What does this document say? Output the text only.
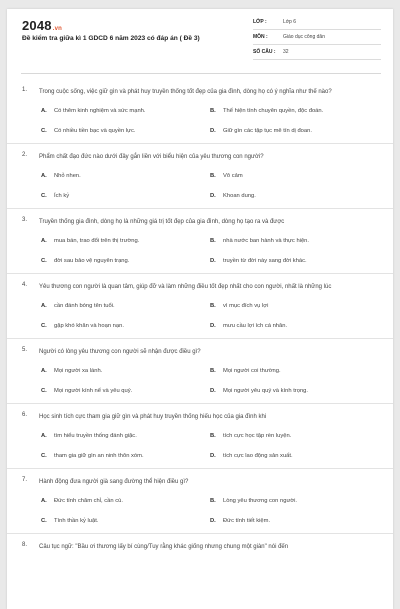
2048.vn
Đề kiểm tra giữa kì 1 GDCD 6 năm 2023 có đáp án ( Đề 3)
LỚP :	Lớp 6
MÔN :	Giáo dục công dân
SỐ CÂU :	32
1. Trong cuộc sống, việc giữ gìn và phát huy truyền thống tốt đẹp của gia đình, dòng họ có ý nghĩa như thế nào?
A.	Có thêm kinh nghiệm và sức mạnh.	B.	Thể hiện tính chuyên quyền, độc đoán.
C.	Có nhiều tiền bạc và quyền lực.	D.	Giữ gìn các tập tục mê tín dị đoan.
2. Phẩm chất đạo đức nào dưới đây gắn liền với biểu hiện của yêu thương con người?
A.	Nhỏ nhen.	B.	Vô cảm
C.	Ích kỷ	D.	Khoan dung.
3. Truyền thống gia đình, dòng họ là những giá trị tốt đẹp của gia đình, dòng họ tạo ra và được
A.	mua bán, trao đổi trên thị trường.	B.	nhà nước ban hành và thực hiện.
C.	đời sau bảo vệ nguyên trạng.	D.	truyền từ đời này sang đời khác.
4. Yêu thương con người là quan tâm, giúp đỡ và làm những điều tốt đẹp nhất cho con người, nhất là những lúc
A.	cần đánh bóng tên tuổi.	B.	vì mục đích vụ lợi
C.	gặp khó khăn và hoạn nạn.	D.	mưu cầu lợi ích cá nhân.
5. Người có lòng yêu thương con người sẽ nhận được điều gì?
A.	Mọi người xa lánh.	B.	Mọi người coi thường.
C.	Mọi người kính nể và yêu quý.	D.	Mọi người yêu quý và kính trọng.
6. Học sinh tích cực tham gia giữ gìn và phát huy truyền thống hiếu học của gia đình khi
A.	tìm hiểu truyền thống đánh giặc.	B.	tích cực học tập rèn luyện.
C.	tham gia giữ gìn an ninh thôn xóm.	D.	tích cực lao động sản xuất.
7. Hành động đưa người già sang đường thể hiện điều gì?
A.	Đức tính chăm chỉ, cần cù.	B.	Lòng yêu thương con người.
C.	Tính thần kỷ luật.	D.	Đức tính tiết kiệm.
8. Câu tục ngữ: "Bầu ơi thương lấy bí cùng/Tuy rằng khác giống nhưng chung một giàn" nói đến
